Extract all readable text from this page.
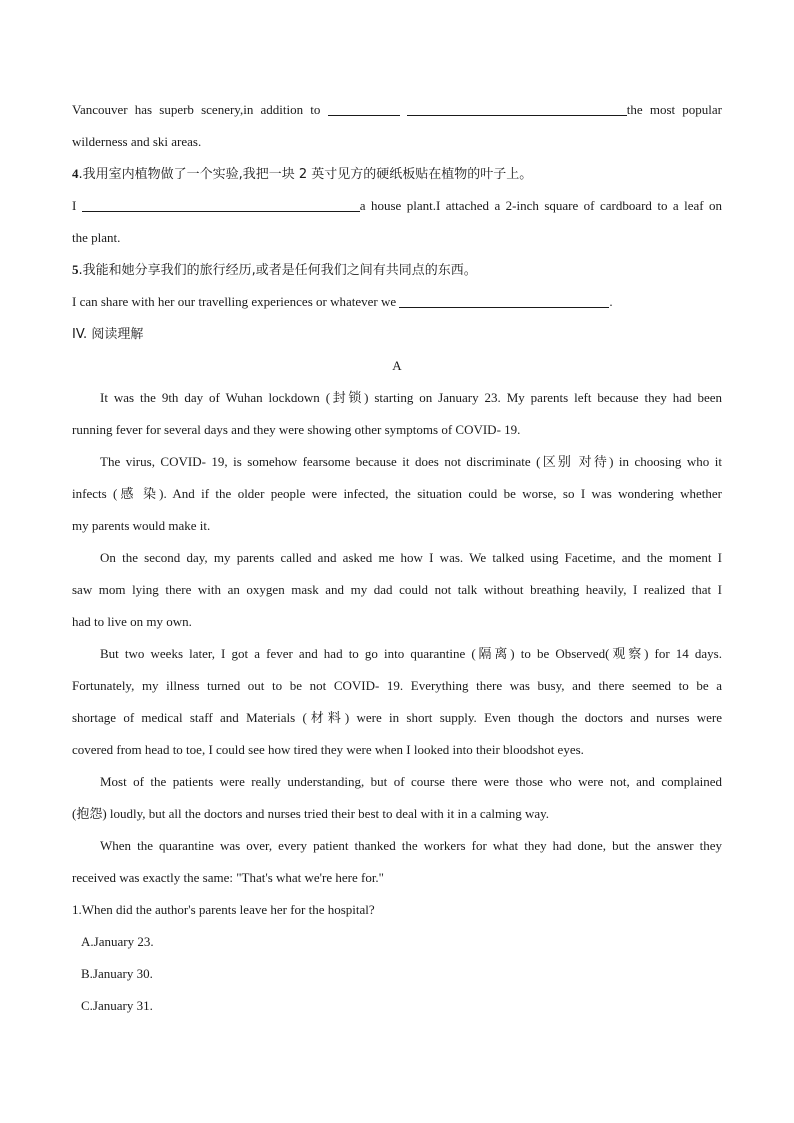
Vancouver has superb scenery,in addition to	the most popular
wilderness and ski areas.
4.我用室内植物做了一个实验,我把一块 2 英寸见方的硬纸板贴在植物的叶子上。
I	a house plant.I attached a 2-inch square of cardboard to a leaf on
the plant.
5.我能和她分享我们的旅行经历,或者是任何我们之间有共同点的东西。
I can share with her our travelling experiences or whatever we	.
IV. 阅读理解
A
It was the 9th day of Wuhan lockdown (封锁) starting on January 23. My parents left because they had been
running fever for several days and they were showing other symptoms of COVID- 19.
The virus, COVID- 19, is somehow fearsome because it does not discriminate (区别 对待) in choosing who it
infects (感 染). And if the older people were infected, the situation could be worse, so I was wondering whether
my parents would make it.
On the second day, my parents called and asked me how I was. We talked using Facetime, and the moment I
saw mom lying there with an oxygen mask and my dad could not talk without breathing heavily, I realized that I
had to live on my own.
But two weeks later, I got a fever and had to go into quarantine (隔离) to be Observed(观察) for 14 days.
Fortunately, my illness turned out to be not COVID- 19. Everything there was busy, and there seemed to be a
shortage of medical staff and Materials (材料) were in short supply. Even though the doctors and nurses were
covered from head to toe, I could see how tired they were when I looked into their bloodshot eyes.
Most of the patients were really understanding, but of course there were those who were not, and complained
(抱怨) loudly, but all the doctors and nurses tried their best to deal with it in a calming way.
When the quarantine was over, every patient thanked the workers for what they had done, but the answer they
received was exactly the same: "That's what we're here for."
1.When did the author's parents leave her for the hospital?
A.January 23.
B.January 30.
C.January 31.
